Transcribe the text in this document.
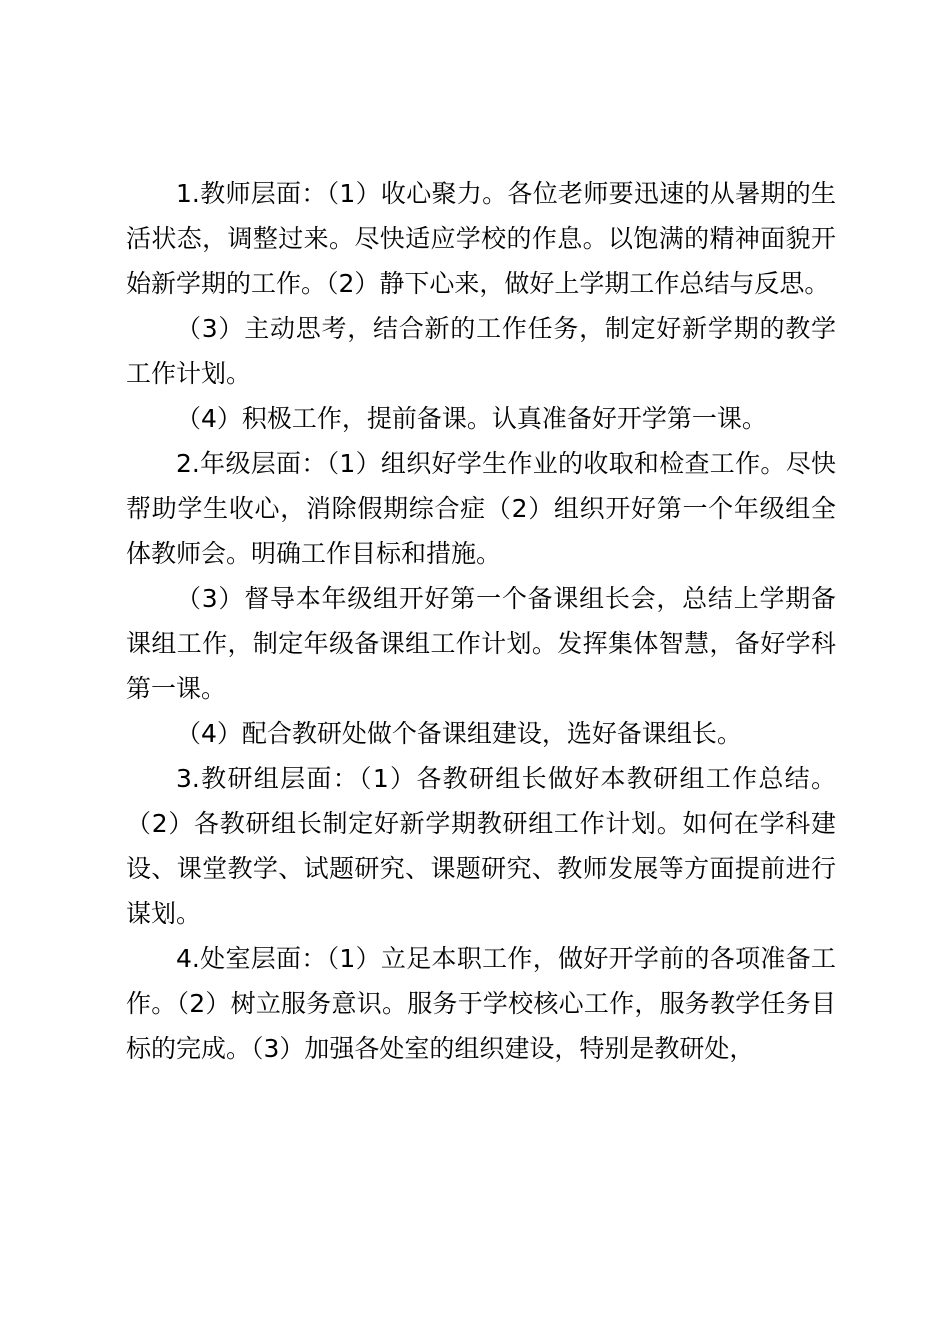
1.教师层面：（1）收心聚力。各位老师要迅速的从暑期的生活状态，调整过来。尽快适应学校的作息。以饱满的精神面貌开始新学期的工作。（2）静下心来，做好上学期工作总结与反思。

（3）主动思考，结合新的工作任务，制定好新学期的教学工作计划。

（4）积极工作，提前备课。认真准备好开学第一课。

2.年级层面：（1）组织好学生作业的收取和检查工作。尽快帮助学生收心，消除假期综合症（2）组织开好第一个年级组全体教师会。明确工作目标和措施。

（3）督导本年级组开好第一个备课组长会，总结上学期备课组工作，制定年级备课组工作计划。发挥集体智慧，备好学科第一课。

（4）配合教研处做个备课组建设，选好备课组长。

3.教研组层面：（1）各教研组长做好本教研组工作总结。（2）各教研组长制定好新学期教研组工作计划。如何在学科建设、课堂教学、试题研究、课题研究、教师发展等方面提前进行谋划。

4.处室层面：（1）立足本职工作，做好开学前的各项准备工作。（2）树立服务意识。服务于学校核心工作，服务教学任务目标的完成。（3）加强各处室的组织建设，特别是教研处，
